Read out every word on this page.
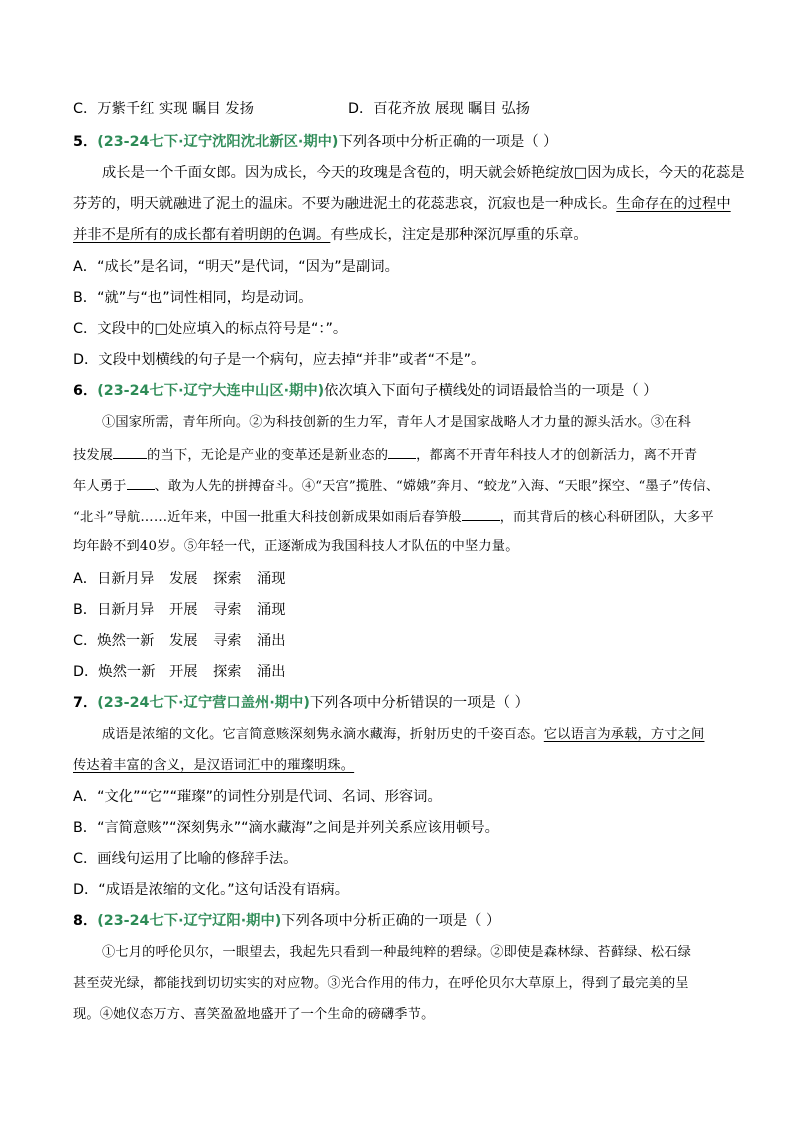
C．万紫千红 实现 瞩目 发扬	D．百花齐放 展现 瞩目 弘扬
5．(23-24七下·辽宁沈阳沈北新区·期中)下列各项中分析正确的一项是（ ）
成长是一个千面女郎。因为成长，今天的玫瑰是含苞的，明天就会娇艳绽放□因为成长，今天的花蕊是
芬芳的，明天就融进了泥土的温床。不要为融进泥土的花蕊悲哀，沉寂也是一种成长。生命存在的过程中
并非不是所有的成长都有着明朗的色调。有些成长，注定是那种深沉厚重的乐章。
A．“成长”是名词，“明天”是代词，“因为”是副词。
B．“就”与“也”词性相同，均是动词。
C．文段中的□处应填入的标点符号是“：”。
D．文段中划横线的句子是一个病句，应去掉“并非”或者“不是”。
6．(23-24七下·辽宁大连中山区·期中)依次填入下面句子横线处的词语最恰当的一项是（ ）
①国家所需，青年所向。②为科技创新的生力军，青年人才是国家战略人才力量的源头活水。③在科
技发展	的当下，无论是产业的变革还是新业态的 ，都离不开青年科技人才的创新活力，离不开青
年人勇于 、敢为人先的拼搏奋斗。④“天宫”揽胜、“嫦娥”奔月、“蛟龙”入海、“天眼”探空、“墨子”传信、
“北斗”导航……近年来，中国一批重大科技创新成果如雨后春笋般	，而其背后的核心科研团队，大多平
均年龄不到40岁。⑤年轻一代，正逐渐成为我国科技人才队伍的中坚力量。
A．日新月异 发展 探索 涌现
B．日新月异 开展 寻索 涌现
C．焕然一新 发展 寻索 涌出
D．焕然一新 开展 探索 涌出
7．(23-24七下·辽宁营口盖州·期中)下列各项中分析错误的一项是（ ）
成语是浓缩的文化。它言简意赅深刻隽永滴水藏海，折射历史的千姿百态。它以语言为承载，方寸之间
传达着丰富的含义，是汉语词汇中的璀璨明珠。
A．“文化”“它”“璀璨”的词性分别是代词、名词、形容词。
B．“言简意赅”“深刻隽永”“滴水藏海”之间是并列关系应该用顿号。
C．画线句运用了比喻的修辞手法。
D．“成语是浓缩的文化。”这句话没有语病。
8．(23-24七下·辽宁辽阳·期中)下列各项中分析正确的一项是（ ）
①七月的呼伦贝尔，一眼望去，我起先只看到一种最纯粹的碧绿。②即使是森林绿、苔藓绿、松石绿
甚至荧光绿，都能找到切切实实的对应物。③光合作用的伟力，在呼伦贝尔大草原上，得到了最完美的呈
现。④她仪态万方、喜笑盈盈地盛开了一个生命的磅礴季节。
